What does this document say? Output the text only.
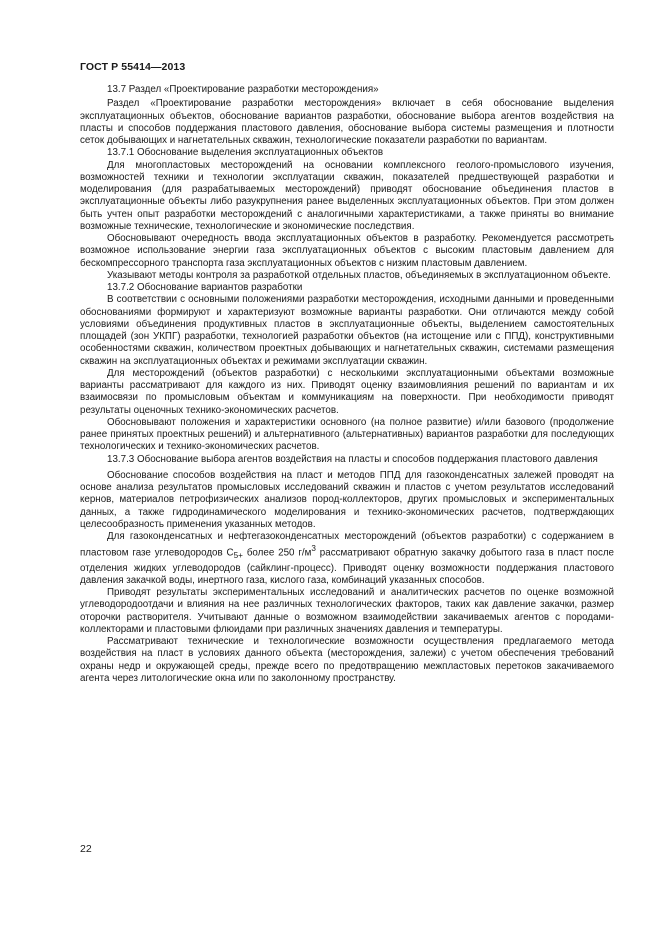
ГОСТ Р 55414—2013

13.7 Раздел «Проектирование разработки месторождения»

Раздел «Проектирование разработки месторождения» включает в себя обоснование выделения эксплуатационных объектов, обоснование вариантов разработки, обоснование выбора агентов воздействия на пласты и способов поддержания пластового давления, обоснование выбора системы размещения и плотности сеток добывающих и нагнетательных скважин, технологические показатели разработки по вариантам.

13.7.1 Обоснование выделения эксплуатационных объектов

Для многопластовых месторождений на основании комплексного геолого-промыслового изучения, возможностей техники и технологии эксплуатации скважин, показателей предшествующей разработки и моделирования (для разрабатываемых месторождений) приводят обоснование объединения пластов в эксплуатационные объекты либо разукрупнения ранее выделенных эксплуатационных объектов. При этом должен быть учтен опыт разработки месторождений с аналогичными характеристиками, а также приняты во внимание возможные технические, технологические и экономические последствия.

Обосновывают очередность ввода эксплуатационных объектов в разработку. Рекомендуется рассмотреть возможное использование энергии газа эксплуатационных объектов с высоким пластовым давлением для бескомпрессорного транспорта газа эксплуатационных объектов с низким пластовым давлением.

Указывают методы контроля за разработкой отдельных пластов, объединяемых в эксплуатационном объекте.

13.7.2 Обоснование вариантов разработки

В соответствии с основными положениями разработки месторождения, исходными данными и проведенными обоснованиями формируют и характеризуют возможные варианты разработки. Они отличаются между собой условиями объединения продуктивных пластов в эксплуатационные объекты, выделением самостоятельных площадей (зон УКПГ) разработки, технологией разработки объектов (на истощение или с ППД), конструктивными особенностями скважин, количеством проектных добывающих и нагнетательных скважин, системами размещения скважин на эксплуатационных объектах и режимами эксплуатации скважин.

Для месторождений (объектов разработки) с несколькими эксплуатационными объектами возможные варианты рассматривают для каждого из них. Приводят оценку взаимовлияния решений по вариантам и их взаимосвязи по промысловым объектам и коммуникациям на поверхности. При необходимости приводят результаты оценочных технико-экономических расчетов.

Обосновывают положения и характеристики основного (на полное развитие) и/или базового (продолжение ранее принятых проектных решений) и альтернативного (альтернативных) вариантов разработки для последующих технологических и технико-экономических расчетов.

13.7.3 Обоснование выбора агентов воздействия на пласты и способов поддержания пластового давления

Обоснование способов воздействия на пласт и методов ППД для газоконденсатных залежей проводят на основе анализа результатов промысловых исследований скважин и пластов с учетом результатов исследований кернов, материалов петрофизических анализов пород-коллекторов, других промысловых и экспериментальных данных, а также гидродинамического моделирования и технико-экономических расчетов, подтверждающих целесообразность применения указанных методов.

Для газоконденсатных и нефтегазоконденсатных месторождений (объектов разработки) с содержанием в пластовом газе углеводородов $С_{5+}$ более 250 $г/м^3$ рассматривают обратную закачку добытого газа в пласт после отделения жидких углеводородов (сайклинг-процесс). Приводят оценку возможности поддержания пластового давления закачкой воды, инертного газа, кислого газа, комбинаций указанных способов.

Приводят результаты экспериментальных исследований и аналитических расчетов по оценке возможной углеводородоотдачи и влияния на нее различных технологических факторов, таких как давление закачки, размер оторочки растворителя. Учитывают данные о возможном взаимодействии закачиваемых агентов с породами-коллекторами и пластовыми флюидами при различных значениях давления и температуры.

Рассматривают технические и технологические возможности осуществления предлагаемого метода воздействия на пласт в условиях данного объекта (месторождения, залежи) с учетом обеспечения требований охраны недр и окружающей среды, прежде всего по предотвращению межпластовых перетоков закачиваемого агента через литологические окна или по заколонному пространству.

22
